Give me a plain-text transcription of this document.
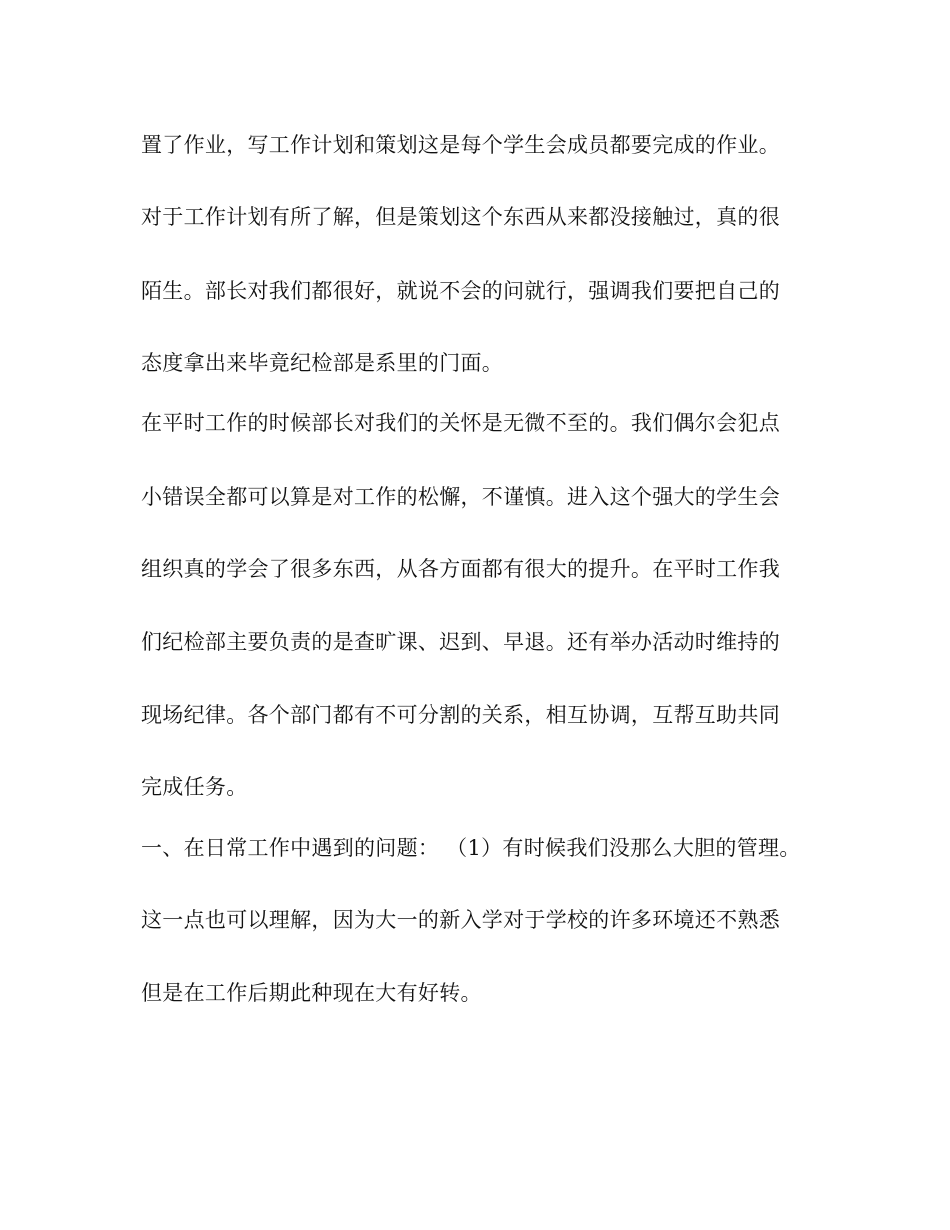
置了作业，写工作计划和策划这是每个学生会成员都要完成的作业。
对于工作计划有所了解，但是策划这个东西从来都没接触过，真的很
陌生。部长对我们都很好，就说不会的问就行，强调我们要把自己的
态度拿出来毕竟纪检部是系里的门面。
在平时工作的时候部长对我们的关怀是无微不至的。我们偶尔会犯点
小错误全都可以算是对工作的松懈，不谨慎。进入这个强大的学生会
组织真的学会了很多东西，从各方面都有很大的提升。在平时工作我
们纪检部主要负责的是查旷课、迟到、早退。还有举办活动时维持的
现场纪律。各个部门都有不可分割的关系，相互协调，互帮互助共同
完成任务。
一、在日常工作中遇到的问题： （1）有时候我们没那么大胆的管理。
这一点也可以理解，因为大一的新入学对于学校的许多环境还不熟悉
但是在工作后期此种现在大有好转。
